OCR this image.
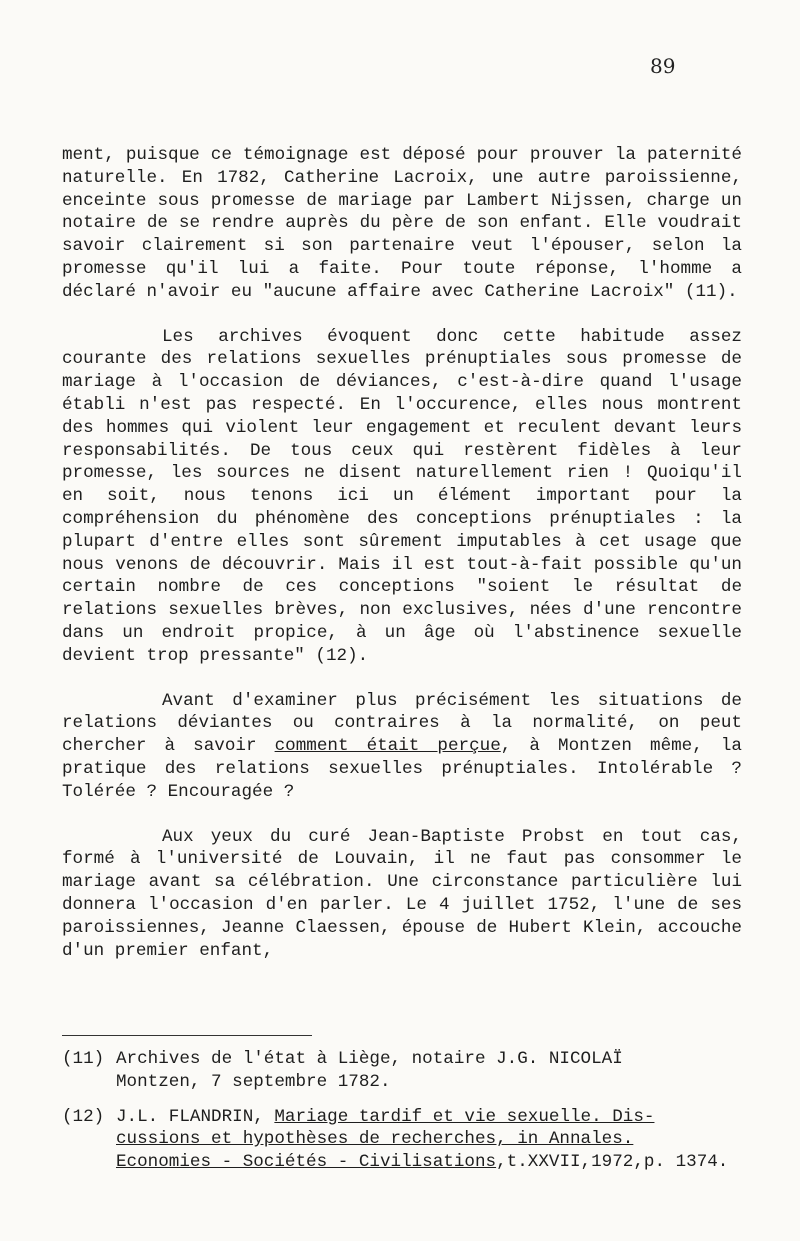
89

ment, puisque ce témoignage est déposé pour prouver la paternité naturelle. En 1782, Catherine Lacroix, une autre paroissienne, enceinte sous promesse de mariage par Lambert Nijssen, charge un notaire de se rendre auprès du père de son enfant. Elle voudrait savoir clairement si son partenaire veut l'épouser, selon la promesse qu'il lui a faite. Pour toute réponse, l'homme a déclaré n'avoir eu "aucune affaire avec Catherine Lacroix" (11).

Les archives évoquent donc cette habitude assez courante des relations sexuelles prénuptiales sous promesse de mariage à l'occasion de déviances, c'est-à-dire quand l'usage établi n'est pas respecté. En l'occurence, elles nous montrent des hommes qui violent leur engagement et reculent devant leurs responsabilités. De tous ceux qui restèrent fidèles à leur promesse, les sources ne disent naturellement rien ! Quoiqu'il en soit, nous tenons ici un élément important pour la compréhension du phénomène des conceptions prénuptiales : la plupart d'entre elles sont sûrement imputables à cet usage que nous venons de découvrir. Mais il est tout-à-fait possible qu'un certain nombre de ces conceptions "soient le résultat de relations sexuelles brèves, non exclusives, nées d'une rencontre dans un endroit propice, à un âge où l'abstinence sexuelle devient trop pressante" (12).

Avant d'examiner plus précisément les situations de relations déviantes ou contraires à la normalité, on peut chercher à savoir comment était perçue, à Montzen même, la pratique des relations sexuelles prénuptiales. Intolérable ? Tolérée ? Encouragée ?

Aux yeux du curé Jean-Baptiste Probst en tout cas, formé à l'université de Louvain, il ne faut pas consommer le mariage avant sa célébration. Une circonstance particulière lui donnera l'occasion d'en parler. Le 4 juillet 1752, l'une de ses paroissiennes, Jeanne Claessen, épouse de Hubert Klein, accouche d'un premier enfant,

(11) Archives de l'état à Liège, notaire J.G. NICOLAÏ
Montzen, 7 septembre 1782.
(12) J.L. FLANDRIN, Mariage tardif et vie sexuelle. Dis-
cussions et hypothèses de recherches, in Annales.
Economies - Sociétés - Civilisations,t.XXVII,1972,p. 1374.
